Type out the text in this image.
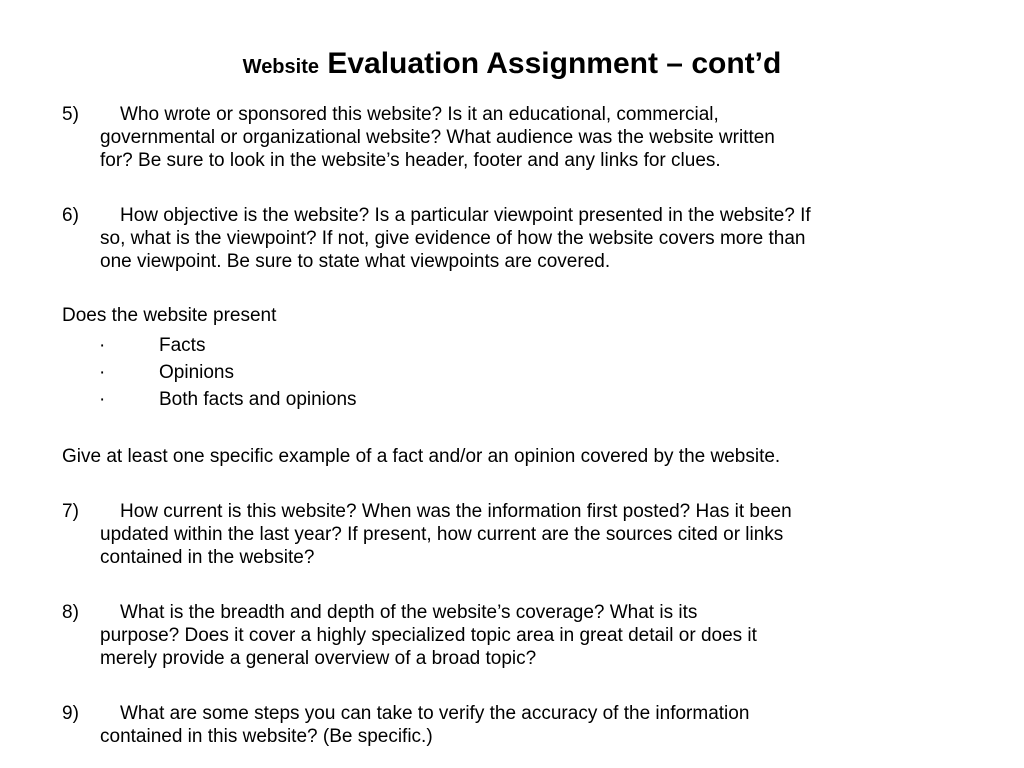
Website Evaluation Assignment – cont’d
5)	Who wrote or sponsored this website? Is it an educational, commercial,
governmental or organizational website? What audience was the website written
for? Be sure to look in the website’s header, footer and any links for clues.
6)	How objective is the website? Is a particular viewpoint presented in the website? If
so, what is the viewpoint? If not, give evidence of how the website covers more than
one viewpoint. Be sure to state what viewpoints are covered.
Does the website present
·	Facts
·	Opinions
·	Both facts and opinions
Give at least one specific example of a fact and/or an opinion covered by the website.
7)	How current is this website? When was the information first posted? Has it been
updated within the last year? If present, how current are the sources cited or links
contained in the website?
8)	What is the breadth and depth of the website’s coverage? What is its
purpose? Does it cover a highly specialized topic area in great detail or does it
merely provide a general overview of a broad topic?
9)	What are some steps you can take to verify the accuracy of the information
contained in this website? (Be specific.)
